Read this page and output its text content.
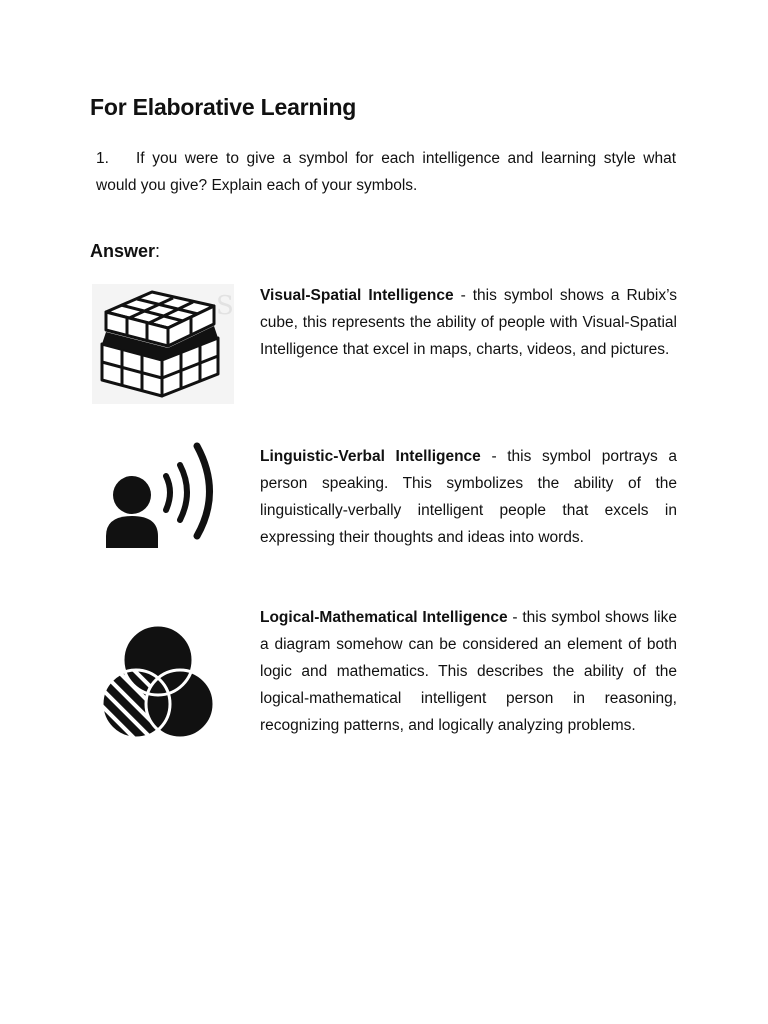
For Elaborative Learning
1. If you were to give a symbol for each intelligence and learning style what would you give? Explain each of your symbols.
Answer:
S Visual-Spatial Intelligence - this symbol shows a Rubix’s cube, this represents the ability of people with Visual-Spatial Intelligence that excel in maps, charts, videos, and pictures.
Linguistic-Verbal Intelligence - this symbol portrays a person speaking. This symbolizes the ability of the linguistically-verbally intelligent people that excels in expressing their thoughts and ideas into words.
Logical-Mathematical Intelligence - this symbol shows like a diagram somehow can be considered an element of both logic and mathematics. This describes the ability of the logical-mathematical intelligent person in reasoning, recognizing patterns, and logically analyzing problems.
